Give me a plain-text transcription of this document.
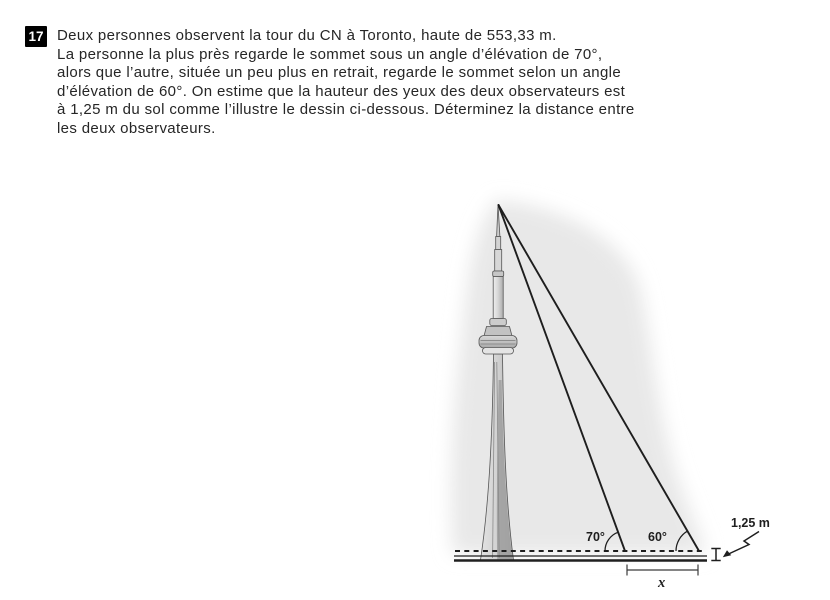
17 Deux personnes observent la tour du CN à Toronto, haute de 553,33 m.
La personne la plus près regarde le sommet sous un angle d’élévation de 70°,
alors que l’autre, située un peu plus en retrait, regarde le sommet selon un angle
d’élévation de 60°. On estime que la hauteur des yeux des deux observateurs est
à 1,25 m du sol comme l’illustre le dessin ci-dessous. Déterminez la distance entre
les deux observateurs.
70°	60°
1,25 m
x
